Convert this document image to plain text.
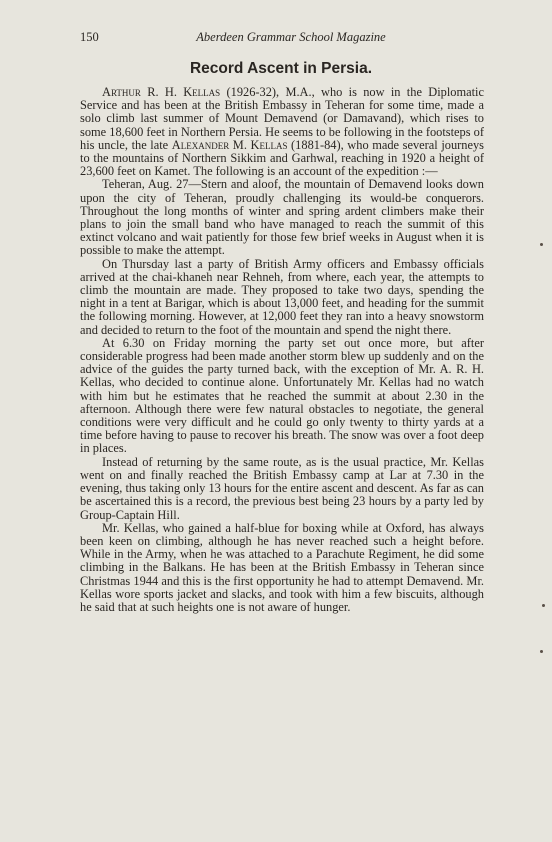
150	Aberdeen Grammar School Magazine
Record Ascent in Persia.

Arthur R. H. Kellas (1926-32), M.A., who is now in the Diplomatic Service and has been at the British Embassy in Teheran for some time, made a solo climb last summer of Mount Demavend (or Damavand), which rises to some 18,600 feet in Northern Persia. He seems to be following in the footsteps of his uncle, the late Alexander M. Kellas (1881-84), who made several journeys to the mountains of Northern Sikkim and Garhwal, reaching in 1920 a height of 23,600 feet on Kamet. The following is an account of the expedition :—

Teheran, Aug. 27—Stern and aloof, the mountain of Demavend looks down upon the city of Teheran, proudly challenging its would-be conquerors. Throughout the long months of winter and spring ardent climbers make their plans to join the small band who have managed to reach the summit of this extinct volcano and wait patiently for those few brief weeks in August when it is possible to make the attempt.

On Thursday last a party of British Army officers and Embassy officials arrived at the chai-khaneh near Rehneh, from where, each year, the attempts to climb the mountain are made. They proposed to take two days, spending the night in a tent at Barigar, which is about 13,000 feet, and heading for the summit the following morning. However, at 12,000 feet they ran into a heavy snowstorm and decided to return to the foot of the mountain and spend the night there.

At 6.30 on Friday morning the party set out once more, but after considerable progress had been made another storm blew up suddenly and on the advice of the guides the party turned back, with the exception of Mr. A. R. H. Kellas, who decided to continue alone. Unfortunately Mr. Kellas had no watch with him but he estimates that he reached the summit at about 2.30 in the afternoon. Although there were few natural obstacles to negotiate, the general conditions were very difficult and he could go only twenty to thirty yards at a time before having to pause to recover his breath. The snow was over a foot deep in places.

Instead of returning by the same route, as is the usual practice, Mr. Kellas went on and finally reached the British Embassy camp at Lar at 7.30 in the evening, thus taking only 13 hours for the entire ascent and descent. As far as can be ascertained this is a record, the previous best being 23 hours by a party led by Group-Captain Hill.

Mr. Kellas, who gained a half-blue for boxing while at Oxford, has always been keen on climbing, although he has never reached such a height before. While in the Army, when he was attached to a Parachute Regiment, he did some climbing in the Balkans. He has been at the British Embassy in Teheran since Christmas 1944 and this is the first opportunity he had to attempt Demavend. Mr. Kellas wore sports jacket and slacks, and took with him a few biscuits, although he said that at such heights one is not aware of hunger.
